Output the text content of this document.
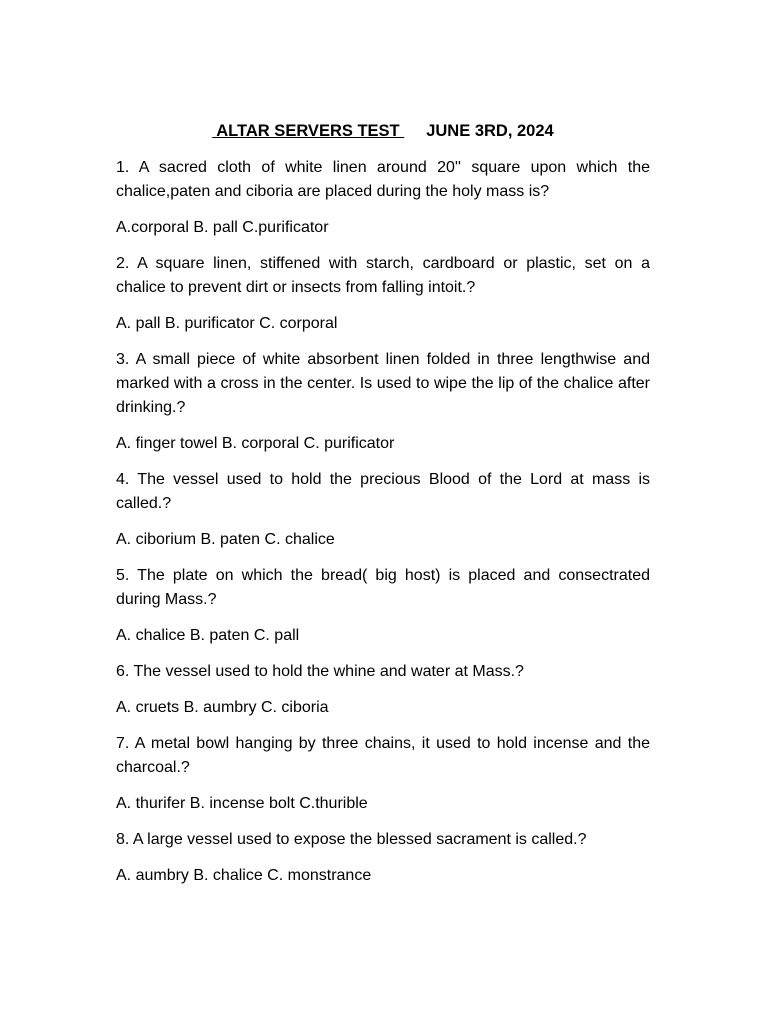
ALTAR SERVERS TEST JUNE 3RD, 2024
1. A sacred cloth of white linen around 20'' square upon which the chalice,paten and ciboria are placed during the holy mass is?
A.corporal B. pall C.purificator
2. A square linen, stiffened with starch, cardboard or plastic, set on a chalice to prevent dirt or insects from falling intoit.?
A. pall B. purificator C. corporal
3. A small piece of white absorbent linen folded in three lengthwise and marked with a cross in the center. Is used to wipe the lip of the chalice after drinking.?
A. finger towel B. corporal C. purificator
4. The vessel used to hold the precious Blood of the Lord at mass is called.?
A. ciborium B. paten C. chalice
5. The plate on which the bread( big host) is placed and consectrated during Mass.?
A. chalice B. paten C. pall
6. The vessel used to hold the whine and water at Mass.?
A. cruets B. aumbry C. ciboria
7. A metal bowl hanging by three chains, it used to hold incense and the charcoal.?
A. thurifer B. incense bolt C.thurible
8. A large vessel used to expose the blessed sacrament is called.?
A. aumbry B. chalice C. monstrance
